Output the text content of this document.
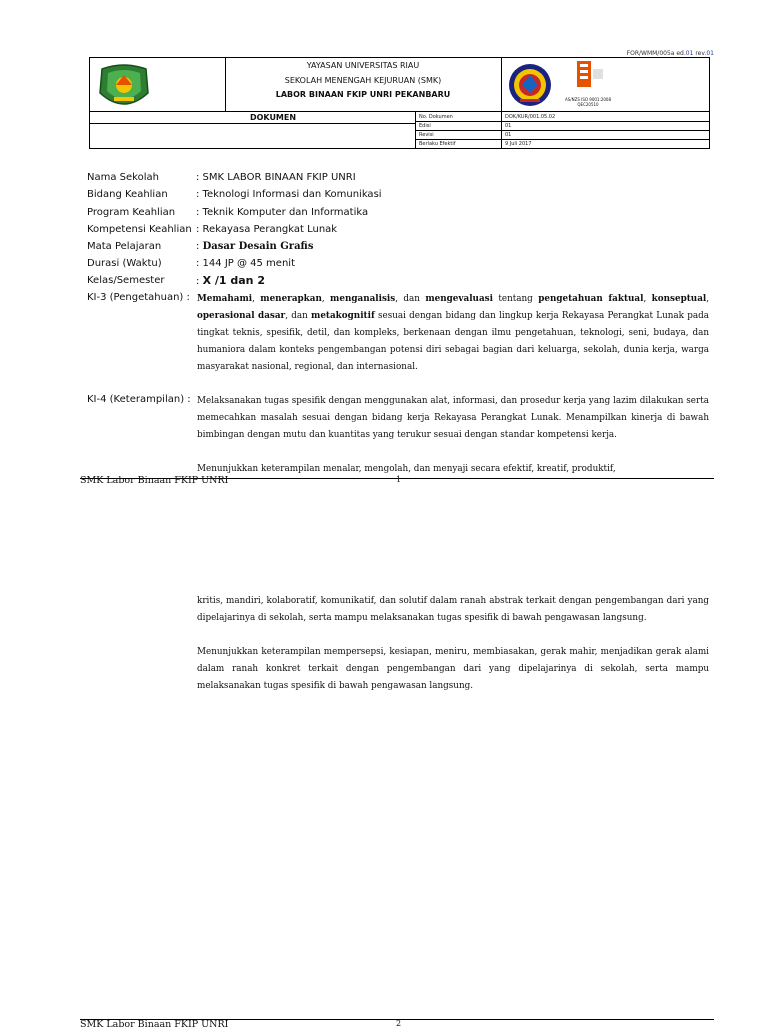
FOR/WMM/005a ed.01 rev.01
YAYASAN UNIVERSITAS RIAU
SEKOLAH MENENGAH KEJURUAN (SMK)
LABOR BINAAN FKIP UNRI PEKANBARU
AS/NZS ISO 9001:2008
QEC20510
DOKUMEN	No. Dokumen	DOK/KUR/001.05.02
Edisi	01
Revisi	01
Berlaku Efektif	9 Juli 2017
Nama Sekolah	: SMK LABOR BINAAN FKIP UNRI
Bidang Keahlian	: Teknologi Informasi dan Komunikasi
Program Keahlian : Teknik Komputer dan Informatika
Kompetensi Keahlian : Rekayasa Perangkat Lunak
Mata Pelajaran	: Dasar Desain Grafis
Durasi (Waktu)	: 144 JP @ 45 menit
Kelas/Semester	: X /1 dan 2
KI-3 (Pengetahuan) : Memahami, menerapkan, menganalisis, dan mengevaluasi tentang pengetahuan faktual, konseptual, operasional dasar, dan metakognitif sesuai dengan bidang dan lingkup kerja Rekayasa Perangkat Lunak pada tingkat teknis, spesifik, detil, dan kompleks, berkenaan dengan ilmu pengetahuan, teknologi, seni, budaya, dan humaniora dalam konteks pengembangan potensi diri sebagai bagian dari keluarga, sekolah, dunia kerja, warga masyarakat nasional, regional, dan internasional.
KI-4 (Keterampilan) : Melaksanakan tugas spesifik dengan menggunakan alat, informasi, dan prosedur kerja yang lazim dilakukan serta memecahkan masalah sesuai dengan bidang kerja Rekayasa Perangkat Lunak. Menampilkan kinerja di bawah bimbingan dengan mutu dan kuantitas yang terukur sesuai dengan standar kompetensi kerja.
Menunjukkan keterampilan menalar, mengolah, dan menyaji secara efektif, kreatif, produktif,
SMK Labor Binaan FKIP UNRI	1
kritis, mandiri, kolaboratif, komunikatif, dan solutif dalam ranah abstrak terkait dengan pengembangan dari yang dipelajarinya di sekolah, serta mampu melaksanakan tugas spesifik di bawah pengawasan langsung.
Menunjukkan keterampilan mempersepsi, kesiapan, meniru, membiasakan, gerak mahir, menjadikan gerak alami dalam ranah konkret terkait dengan pengembangan dari yang dipelajarinya di sekolah, serta mampu melaksanakan tugas spesifik di bawah pengawasan langsung.
SMK Labor Binaan FKIP UNRI	2
